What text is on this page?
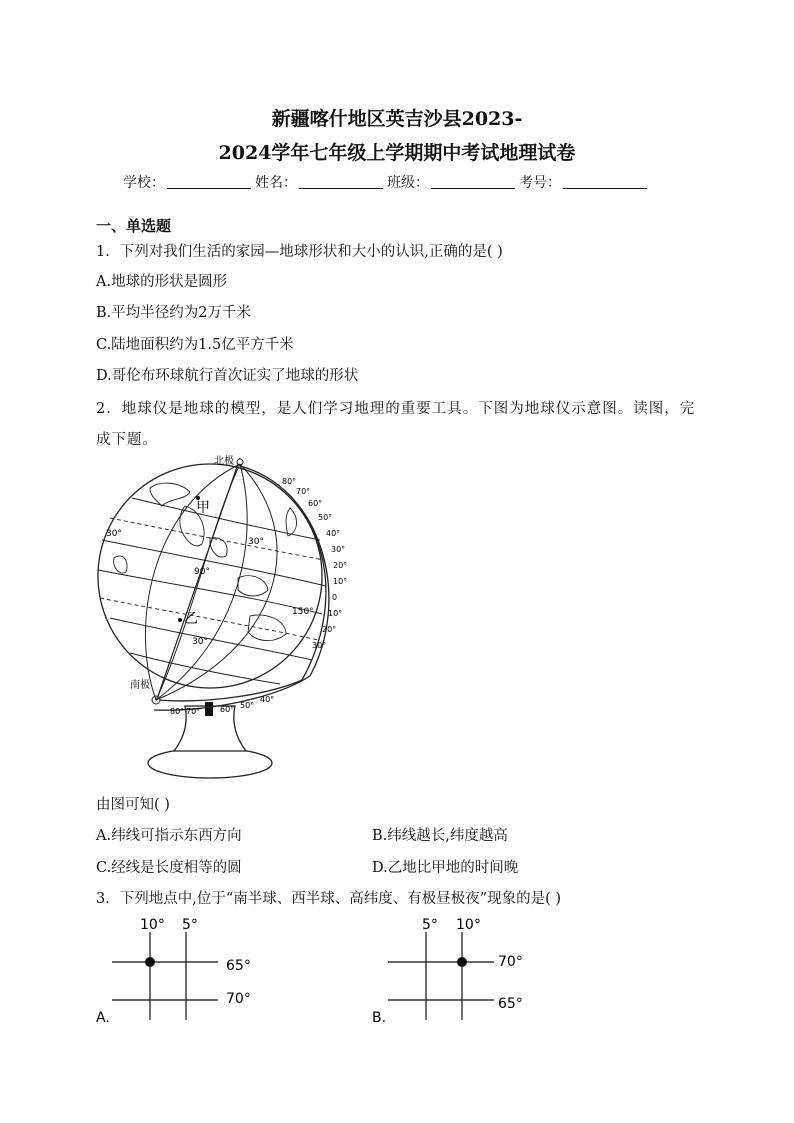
新疆喀什地区英吉沙县2023-
2024学年七年级上学期期中考试地理试卷
学校：	姓名：	班级：	考号：
一、单选题
1．下列对我们生活的家园—地球形状和大小的认识,正确的是( )
A.地球的形状是圆形
B.平均半径约为2万千米
C.陆地面积约为1.5亿平方千米
D.哥伦布环球航行首次证实了地球的形状
2．地球仪是地球的模型，是人们学习地理的重要工具。下图为地球仪示意图。读图，完
成下题。
北极
南极
甲
乙
30°
30°
30°
90°
150°
80°
70°
60°
50°
40°
30°
20°
10°
0
10°
20°
30°
80° 70° 60° 50°
40°
由图可知( )
A.纬线可指示东西方向	B.纬线越长,纬度越高
C.经线是长度相等的圆	D.乙地比甲地的时间晚
3．下列地点中,位于“南半球、西半球、高纬度、有极昼极夜”现象的是( )
10° 5°
65°
70°
A.
5° 10°
70°
65°
B.
